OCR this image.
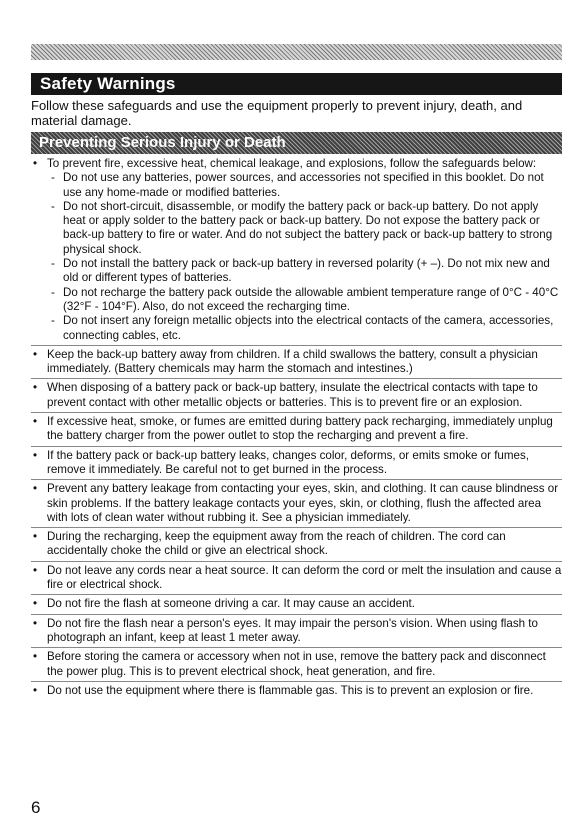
Safety Warnings
Follow these safeguards and use the equipment properly to prevent injury, death, and material damage.
Preventing Serious Injury or Death
• To prevent fire, excessive heat, chemical leakage, and explosions, follow the safeguards below:
- Do not use any batteries, power sources, and accessories not specified in this booklet. Do not use any home-made or modified batteries.
- Do not short-circuit, disassemble, or modify the battery pack or back-up battery. Do not apply heat or apply solder to the battery pack or back-up battery. Do not expose the battery pack or back-up battery to fire or water. And do not subject the battery pack or back-up battery to strong physical shock.
- Do not install the battery pack or back-up battery in reversed polarity (+ –). Do not mix new and old or different types of batteries.
- Do not recharge the battery pack outside the allowable ambient temperature range of 0°C - 40°C (32°F - 104°F). Also, do not exceed the recharging time.
- Do not insert any foreign metallic objects into the electrical contacts of the camera, accessories, connecting cables, etc.
• Keep the back-up battery away from children. If a child swallows the battery, consult a physician immediately. (Battery chemicals may harm the stomach and intestines.)
• When disposing of a battery pack or back-up battery, insulate the electrical contacts with tape to prevent contact with other metallic objects or batteries. This is to prevent fire or an explosion.
• If excessive heat, smoke, or fumes are emitted during battery pack recharging, immediately unplug the battery charger from the power outlet to stop the recharging and prevent a fire.
• If the battery pack or back-up battery leaks, changes color, deforms, or emits smoke or fumes, remove it immediately. Be careful not to get burned in the process.
• Prevent any battery leakage from contacting your eyes, skin, and clothing. It can cause blindness or skin problems. If the battery leakage contacts your eyes, skin, or clothing, flush the affected area with lots of clean water without rubbing it. See a physician immediately.
• During the recharging, keep the equipment away from the reach of children. The cord can accidentally choke the child or give an electrical shock.
• Do not leave any cords near a heat source. It can deform the cord or melt the insulation and cause a fire or electrical shock.
• Do not fire the flash at someone driving a car. It may cause an accident.
• Do not fire the flash near a person's eyes. It may impair the person's vision. When using flash to photograph an infant, keep at least 1 meter away.
• Before storing the camera or accessory when not in use, remove the battery pack and disconnect the power plug. This is to prevent electrical shock, heat generation, and fire.
• Do not use the equipment where there is flammable gas. This is to prevent an explosion or fire.
6
